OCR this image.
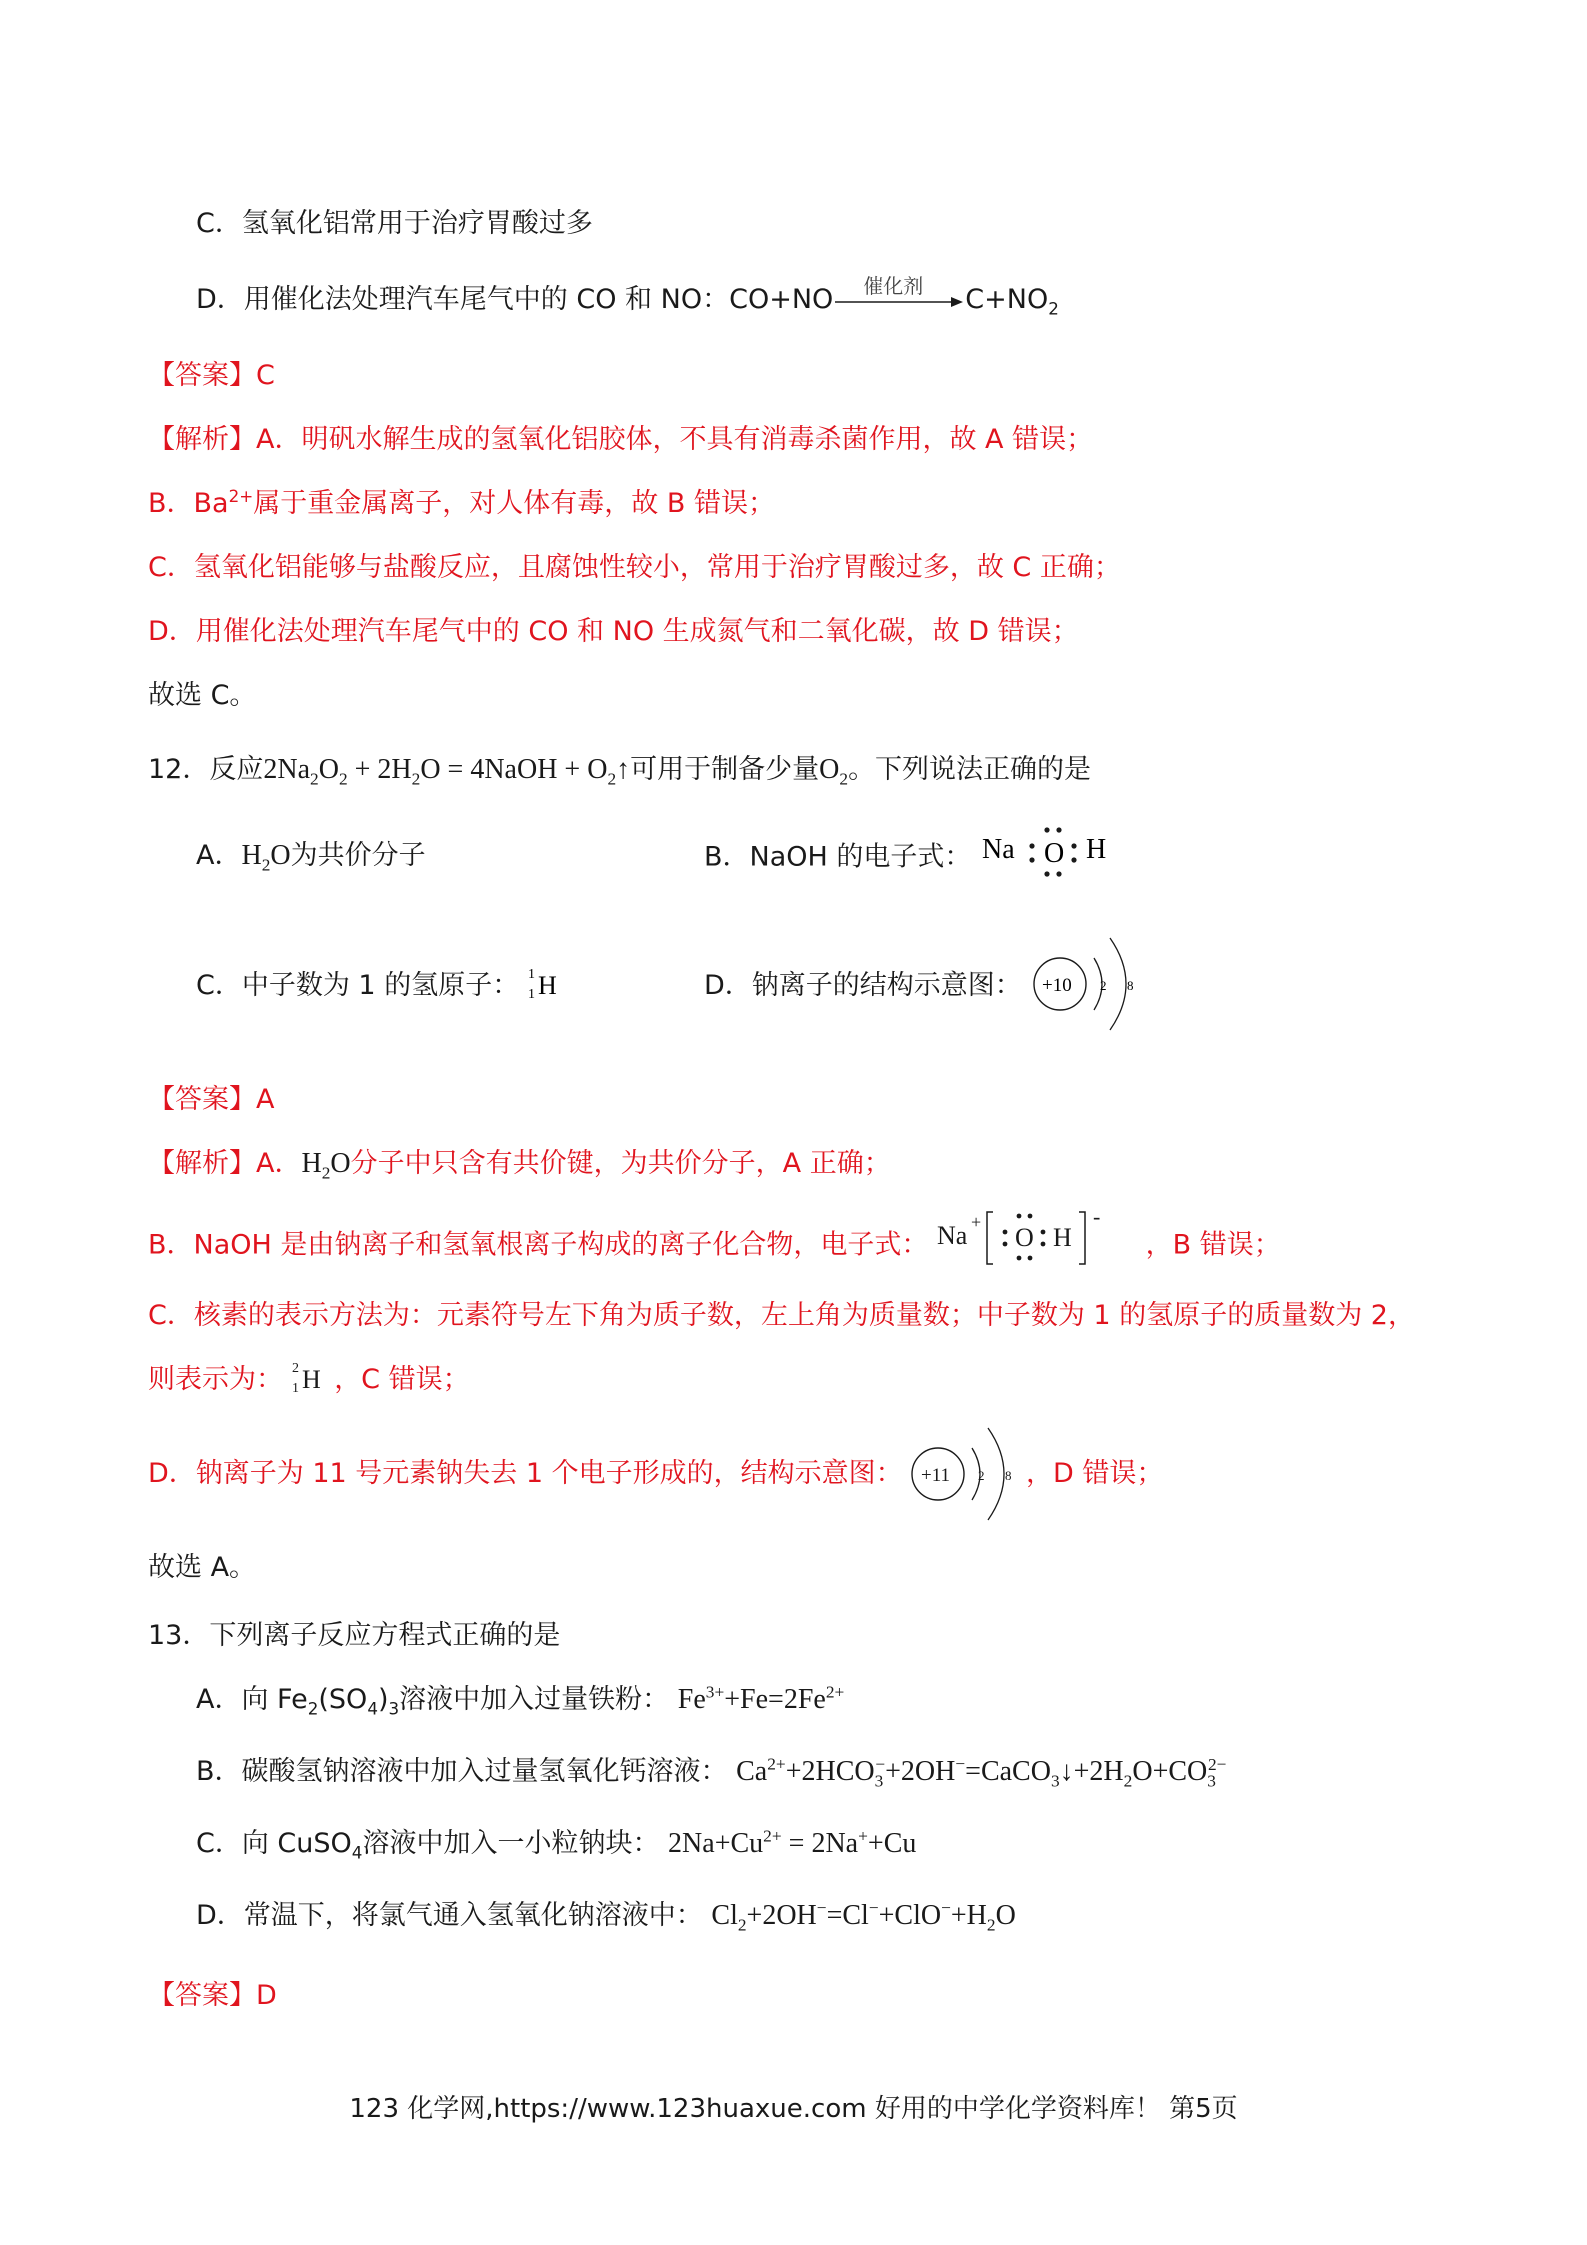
C．氢氧化铝常用于治疗胃酸过多
D．用催化法处理汽车尾气中的 CO 和 NO：CO+NO 催化剂 $C+NO_2$
【答案】C
【解析】A．明矾水解生成的氢氧化铝胶体，不具有消毒杀菌作用，故 A 错误；
B．$Ba^{2+}$属于重金属离子，对人体有毒，故 B 错误；
C．氢氧化铝能够与盐酸反应，且腐蚀性较小，常用于治疗胃酸过多，故 C 正确；
D．用催化法处理汽车尾气中的 CO 和 NO 生成氮气和二氧化碳，故 D 错误；
故选 C。
12．反应$2Na_2O_2 + 2H_2O$ = 4NaOH + $O_2↑$可用于制备少量$O_2$。下列说法正确的是
A．$H_2O$为共价分子	B．NaOH 的电子式： Na O H
C．中子数为 1 的氢原子： 1
1 H	D．钠离子的结构示意图： +10 2 8
【答案】A
【解析】A．$H_2O$分子中只含有共价键，为共价分子，A 正确；
B．NaOH 是由钠离子和氢氧根离子构成的离子化合物，电子式： Na +
O H
-
，B 错误；
C．核素的表示方法为：元素符号左下角为质子数，左上角为质量数；中子数为 1 的氢原子的质量数为 2，
则表示为： 2
1 H ，C 错误；
D．钠离子为 11 号元素钠失去 1 个电子形成的，结构示意图： +11 2 8 ，D 错误；
故选 A。
13．下列离子反应方程式正确的是
A．向 $Fe_2(SO_4)_3$溶液中加入过量铁粉： $Fe^{3+}+Fe=2Fe^{2+}$
B．碳酸氢钠溶液中加入过量氢氧化钙溶液： $Ca^{2+}+2HCO_3^-+2OH^-=CaCO_3↓+2H_2O+CO_3^{2-}$
C．向 CuSO$_4$溶液中加入一小粒钠块： $2Na+Cu^{2+} = 2Na^++Cu$
D．常温下，将氯气通入氢氧化钠溶液中： $Cl_2+2OH^-=Cl^-+ClO^-+H_2O$
【答案】D
123 化学网,https://www.123huaxue.com 好用的中学化学资料库！ 第5页
